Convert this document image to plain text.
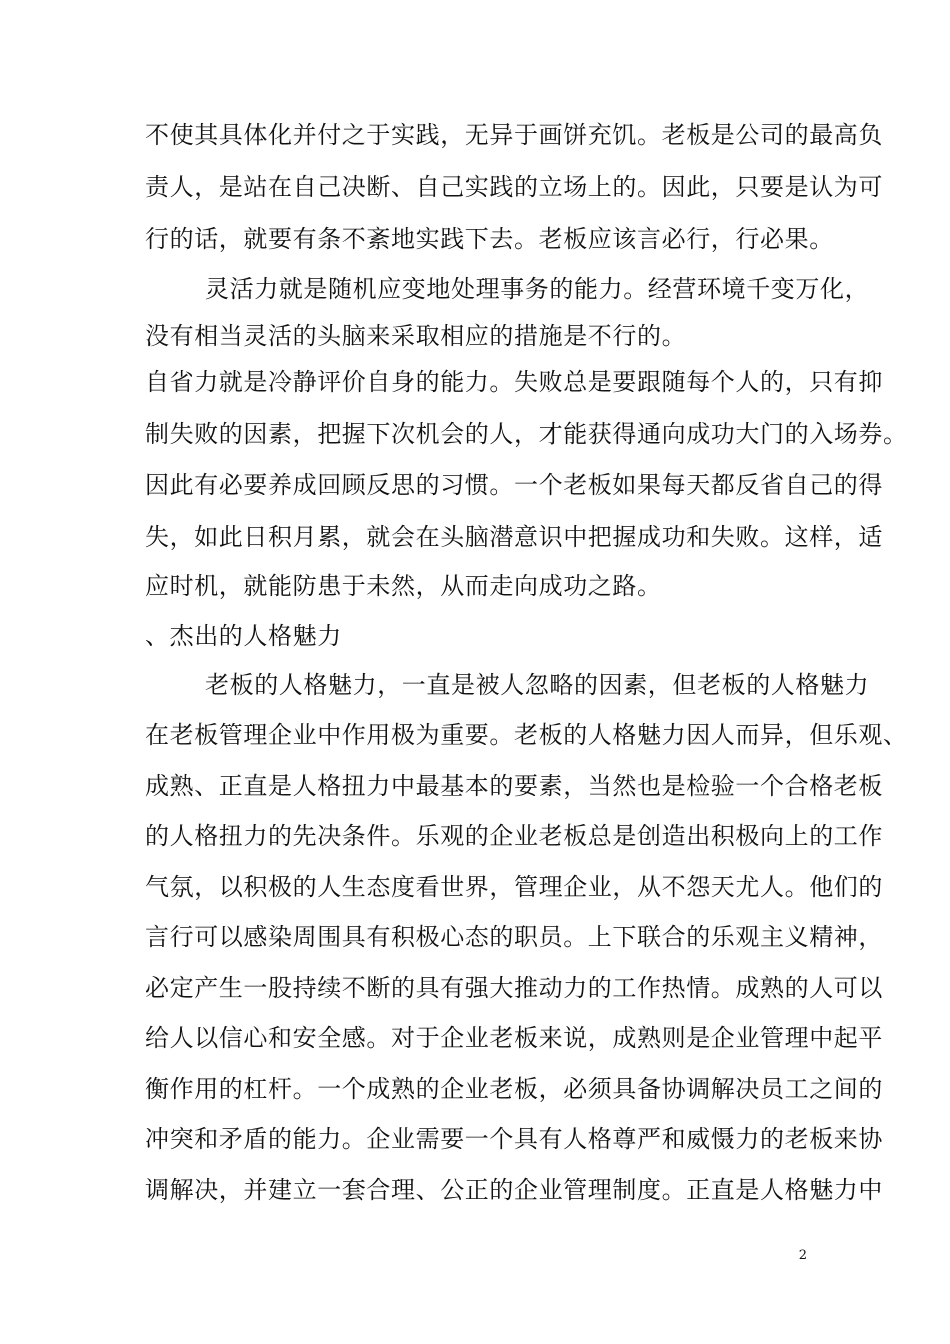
不使其具体化并付之于实践，无异于画饼充饥。老板是公司的最高负
责人，是站在自己决断、自己实践的立场上的。因此，只要是认为可
行的话，就要有条不紊地实践下去。老板应该言必行，行必果。
灵活力就是随机应变地处理事务的能力。经营环境千变万化，
没有相当灵活的头脑来采取相应的措施是不行的。
自省力就是冷静评价自身的能力。失败总是要跟随每个人的，只有抑
制失败的因素，把握下次机会的人，才能获得通向成功大门的入场券。
因此有必要养成回顾反思的习惯。一个老板如果每天都反省自己的得
失，如此日积月累，就会在头脑潜意识中把握成功和失败。这样，适
应时机，就能防患于未然，从而走向成功之路。
、杰出的人格魅力
老板的人格魅力，一直是被人忽略的因素，但老板的人格魅力
在老板管理企业中作用极为重要。老板的人格魅力因人而异，但乐观、
成熟、正直是人格扭力中最基本的要素，当然也是检验一个合格老板
的人格扭力的先决条件。乐观的企业老板总是创造出积极向上的工作
气氛，以积极的人生态度看世界，管理企业，从不怨天尤人。他们的
言行可以感染周围具有积极心态的职员。上下联合的乐观主义精神，
必定产生一股持续不断的具有强大推动力的工作热情。成熟的人可以
给人以信心和安全感。对于企业老板来说，成熟则是企业管理中起平
衡作用的杠杆。一个成熟的企业老板，必须具备协调解决员工之间的
冲突和矛盾的能力。企业需要一个具有人格尊严和威慑力的老板来协
调解决，并建立一套合理、公正的企业管理制度。正直是人格魅力中
2
